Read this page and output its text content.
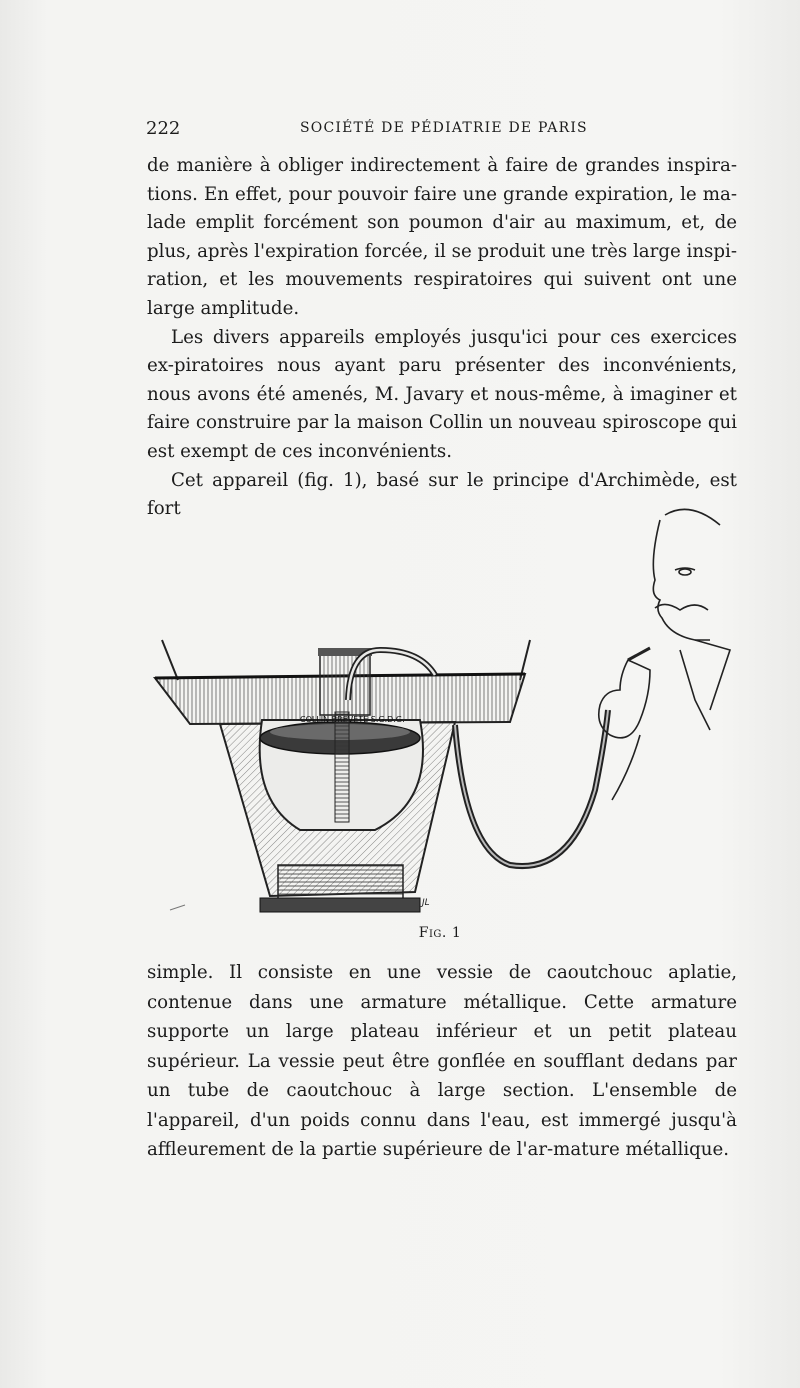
222	SOCIÉTÉ DE PÉDIATRIE DE PARIS

de manière à obliger indirectement à faire de grandes inspira-tions. En effet, pour pouvoir faire une grande expiration, le ma-lade emplit forcément son poumon d'air au maximum, et, de plus, après l'expiration forcée, il se produit une très large inspi-ration, et les mouvements respiratoires qui suivent ont une large amplitude.

Les divers appareils employés jusqu'ici pour ces exercices ex-piratoires nous ayant paru présenter des inconvénients, nous avons été amenés, M. Javary et nous-même, à imaginer et faire construire par la maison Collin un nouveau spiroscope qui est exempt de ces inconvénients.

Cet appareil (fig. 1), basé sur le principe d'Archimède, est fort

COLLIN BREVETÉ S.G.D.G.
JL
Fig. 1

simple. Il consiste en une vessie de caoutchouc aplatie, contenue dans une armature métallique. Cette armature supporte un large plateau inférieur et un petit plateau supérieur. La vessie peut être gonflée en soufflant dedans par un tube de caoutchouc à large section. L'ensemble de l'appareil, d'un poids connu dans l'eau, est immergé jusqu'à affleurement de la partie supérieure de l'ar-mature métallique.
